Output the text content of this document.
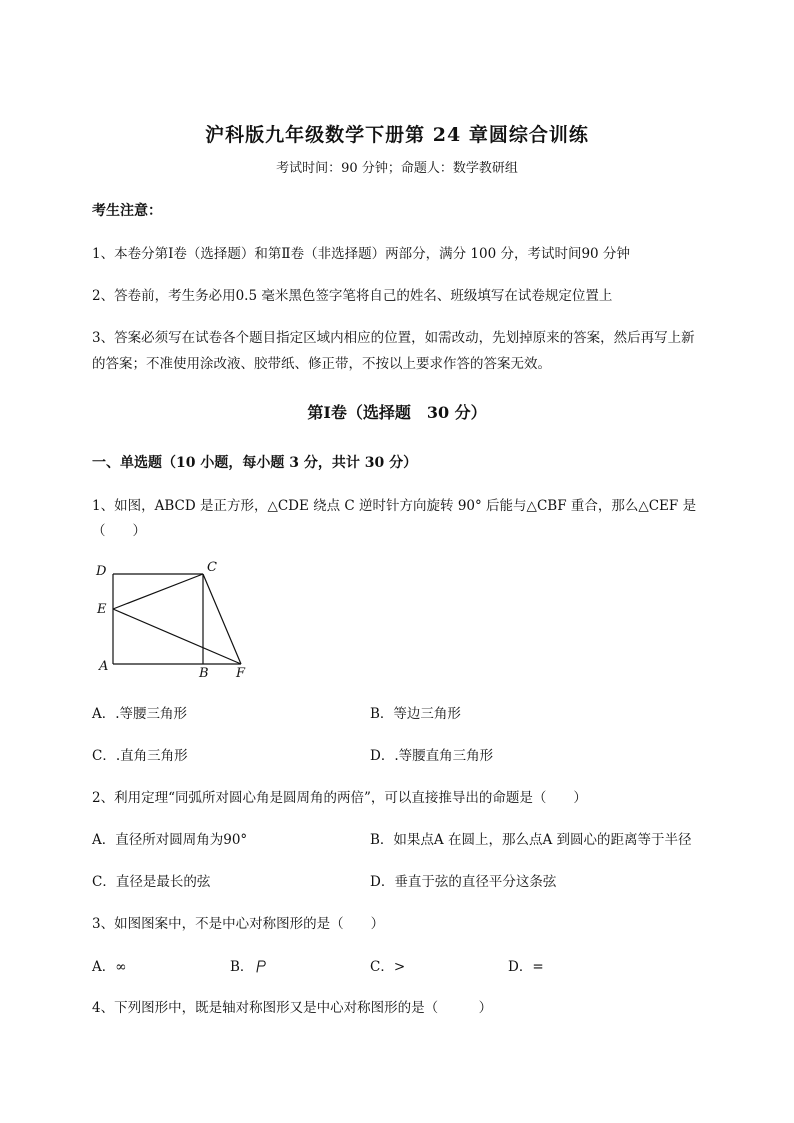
沪科版九年级数学下册第 24 章圆综合训练
考试时间：90 分钟；命题人：数学教研组
考生注意：
1、本卷分第Ⅰ卷（选择题）和第Ⅱ卷（非选择题）两部分，满分 100 分，考试时间90 分钟
2、答卷前，考生务必用0.5 毫米黑色签字笔将自己的姓名、班级填写在试卷规定位置上
3、答案必须写在试卷各个题目指定区域内相应的位置，如需改动，先划掉原来的答案，然后再写上新
的答案；不准使用涂改液、胶带纸、修正带，不按以上要求作答的答案无效。
第Ⅰ卷（选择题　30 分）
一、单选题（10 小题，每小题 3 分，共计 30 分）
1、如图，ABCD 是正方形，△CDE 绕点 C 逆时针方向旋转 90° 后能与△CBF 重合，那么△CEF 是
（　　）
D	C
E
A	B F
A．.等腰三角形	B．等边三角形
C．.直角三角形	D．.等腰直角三角形
2、利用定理“同弧所对圆心角是圆周角的两倍”，可以直接推导出的命题是（　　）
A．直径所对圆周角为90°	B．如果点A 在圆上，那么点A 到圆心的距离等于半径
C．直径是最长的弦	D．垂直于弦的直径平分这条弦
3、如图图案中，不是中心对称图形的是（　　）
A．∞	B．	C．>	D．=
4、下列图形中，既是轴对称图形又是中心对称图形的是（　　　）
